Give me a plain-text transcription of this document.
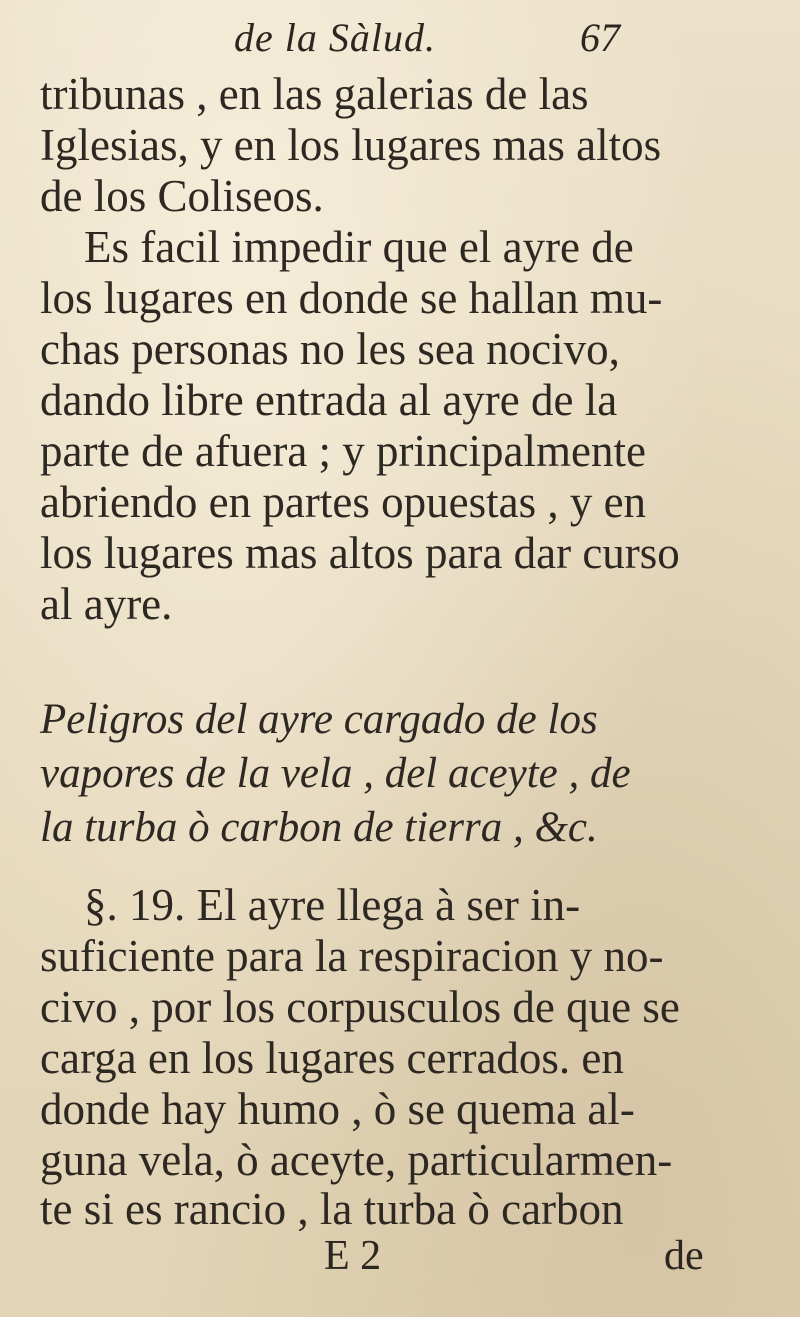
de la Sàlud.	67
tribunas , en las galerias de las
Iglesias, y en los lugares mas altos
de los Coliseos.
Es facil impedir que el ayre de
los lugares en donde se hallan mu-
chas personas no les sea nocivo,
dando libre entrada al ayre de la
parte de afuera ; y principalmente
abriendo en partes opuestas , y en
los lugares mas altos para dar curso
al ayre.
Peligros del ayre cargado de los
vapores de la vela , del aceyte , de
la turba ò carbon de tierra , &c.
§. 19. El ayre llega à ser in-
suficiente para la respiracion y no-
civo , por los corpusculos de que se
carga en los lugares cerrados. en
donde hay humo , ò se quema al-
guna vela, ò aceyte, particularmen-
te si es rancio , la turba ò carbon
E 2	de
